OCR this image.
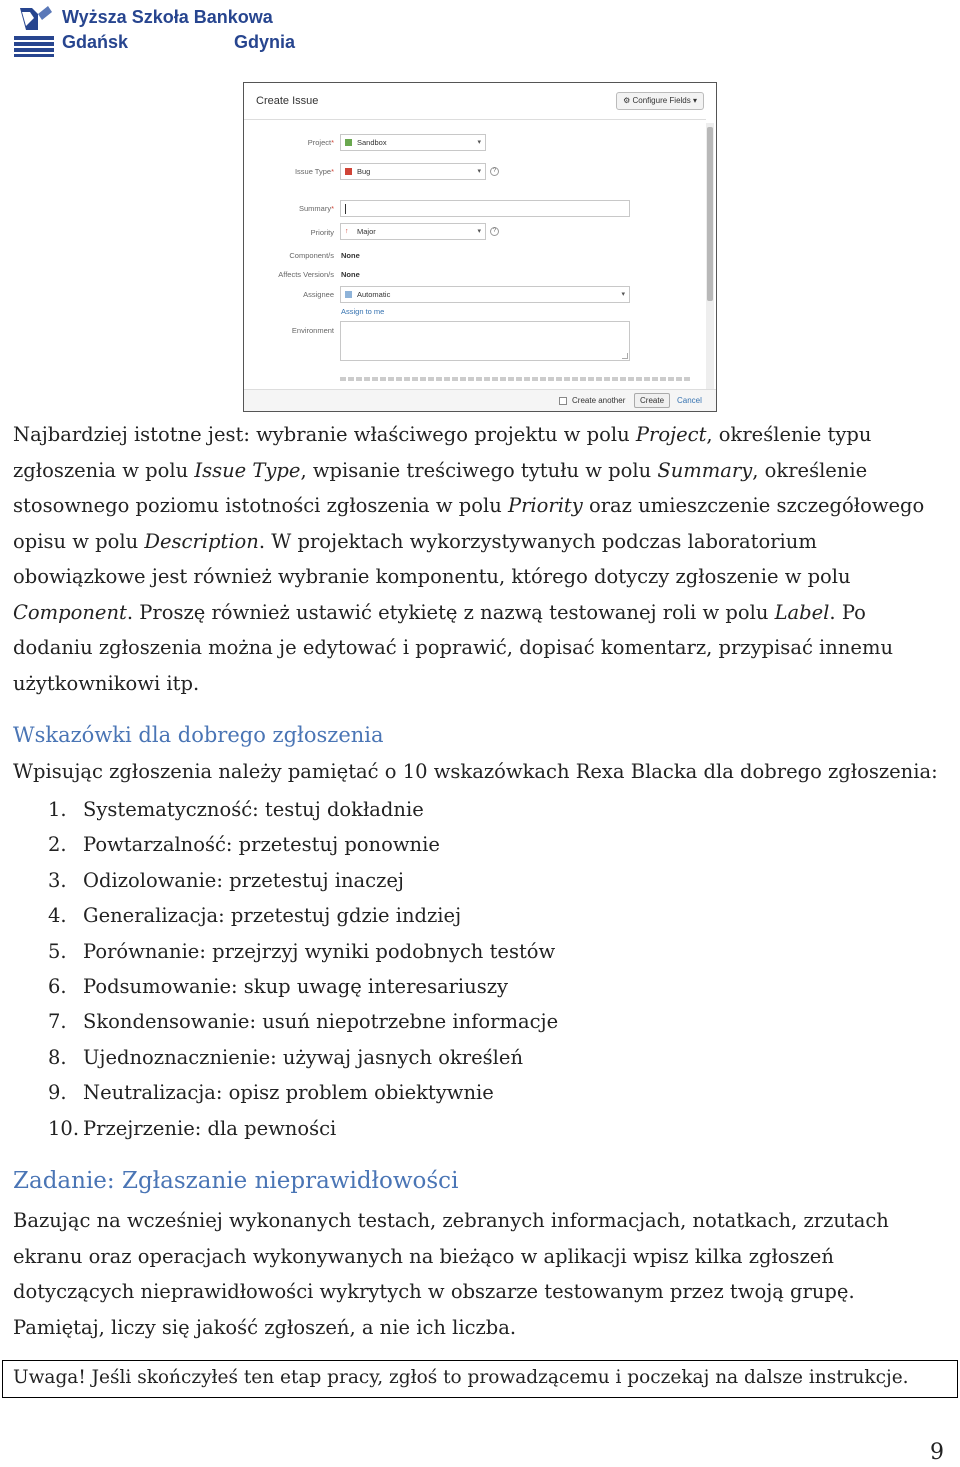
Wyższa Szkoła Bankowa
Gdańsk	Gdynia
Create Issue	⚙ Configure Fields ▾
Project*	Sandbox	▾
Issue Type*	Bug	▾	?
Summary*
Priority ↑	Major	▾	?
Component/s None
Affects Version/s None
Assignee	Automatic	▾
Assign to me
Environment
Create another	Create	Cancel

Najbardziej istotne jest: wybranie właściwego projektu w polu Project, określenie typu zgłoszenia w polu Issue Type, wpisanie treściwego tytułu w polu Summary, określenie stosownego poziomu istotności zgłoszenia w polu Priority oraz umieszczenie szczegółowego opisu w polu Description. W projektach wykorzystywanych podczas laboratorium obowiązkowe jest również wybranie komponentu, którego dotyczy zgłoszenie w polu Component. Proszę również ustawić etykietę z nazwą testowanej roli w polu Label. Po dodaniu zgłoszenia można je edytować i poprawić, dopisać komentarz, przypisać innemu użytkownikowi itp.

Wskazówki dla dobrego zgłoszenia

Wpisując zgłoszenia należy pamiętać o 10 wskazówkach Rexa Blacka dla dobrego zgłoszenia:

1. Systematyczność: testuj dokładnie
2. Powtarzalność: przetestuj ponownie
3. Odizolowanie: przetestuj inaczej
4. Generalizacja: przetestuj gdzie indziej
5. Porównanie: przejrzyj wyniki podobnych testów
6. Podsumowanie: skup uwagę interesariuszy
7. Skondensowanie: usuń niepotrzebne informacje
8. Ujednoznacznienie: używaj jasnych określeń
9. Neutralizacja: opisz problem obiektywnie
10. Przejrzenie: dla pewności
Zadanie: Zgłaszanie nieprawidłowości

Bazując na wcześniej wykonanych testach, zebranych informacjach, notatkach, zrzutach ekranu oraz operacjach wykonywanych na bieżąco w aplikacji wpisz kilka zgłoszeń dotyczących nieprawidłowości wykrytych w obszarze testowanym przez twoją grupę. Pamiętaj, liczy się jakość zgłoszeń, a nie ich liczba.

Uwaga! Jeśli skończyłeś ten etap pracy, zgłoś to prowadzącemu i poczekaj na dalsze instrukcje.
9
